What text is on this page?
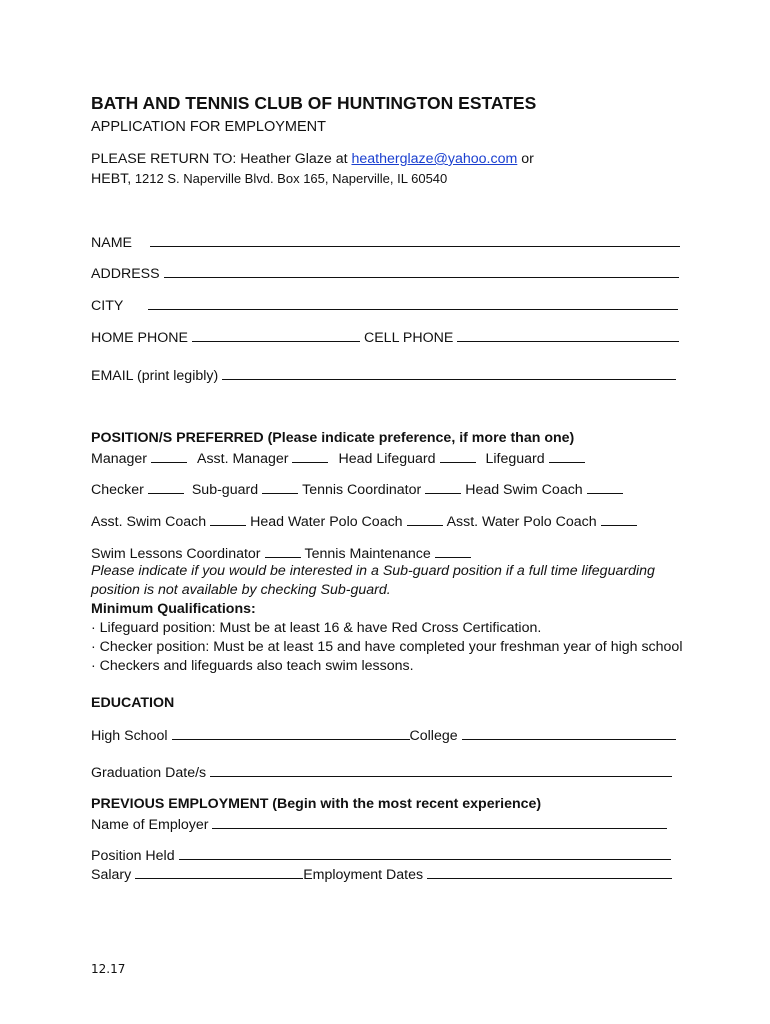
BATH AND TENNIS CLUB OF HUNTINGTON ESTATES
APPLICATION FOR EMPLOYMENT
PLEASE RETURN TO: Heather Glaze at heatherglaze@yahoo.com or
HEBT, 1212 S. Naperville Blvd. Box 165, Naperville, IL 60540
NAME
ADDRESS
CITY
HOME PHONE	CELL PHONE
EMAIL (print legibly)
POSITION/S PREFERRED (Please indicate preference, if more than one)
Manager	Asst. Manager	Head Lifeguard	Lifeguard
Checker	Sub-guard	Tennis Coordinator	Head Swim Coach
Asst. Swim Coach	Head Water Polo Coach	Asst. Water Polo Coach
Swim Lessons Coordinator	Tennis Maintenance
Please indicate if you would be interested in a Sub-guard position if a full time lifeguarding
position is not available by checking Sub-guard.
Minimum Qualifications:
· Lifeguard position: Must be at least 16 & have Red Cross Certification.
· Checker position: Must be at least 15 and have completed your freshman year of high school
· Checkers and lifeguards also teach swim lessons.
EDUCATION
High School	College
Graduation Date/s
PREVIOUS EMPLOYMENT (Begin with the most recent experience)
Name of Employer
Position Held
Salary	Employment Dates
12.17
